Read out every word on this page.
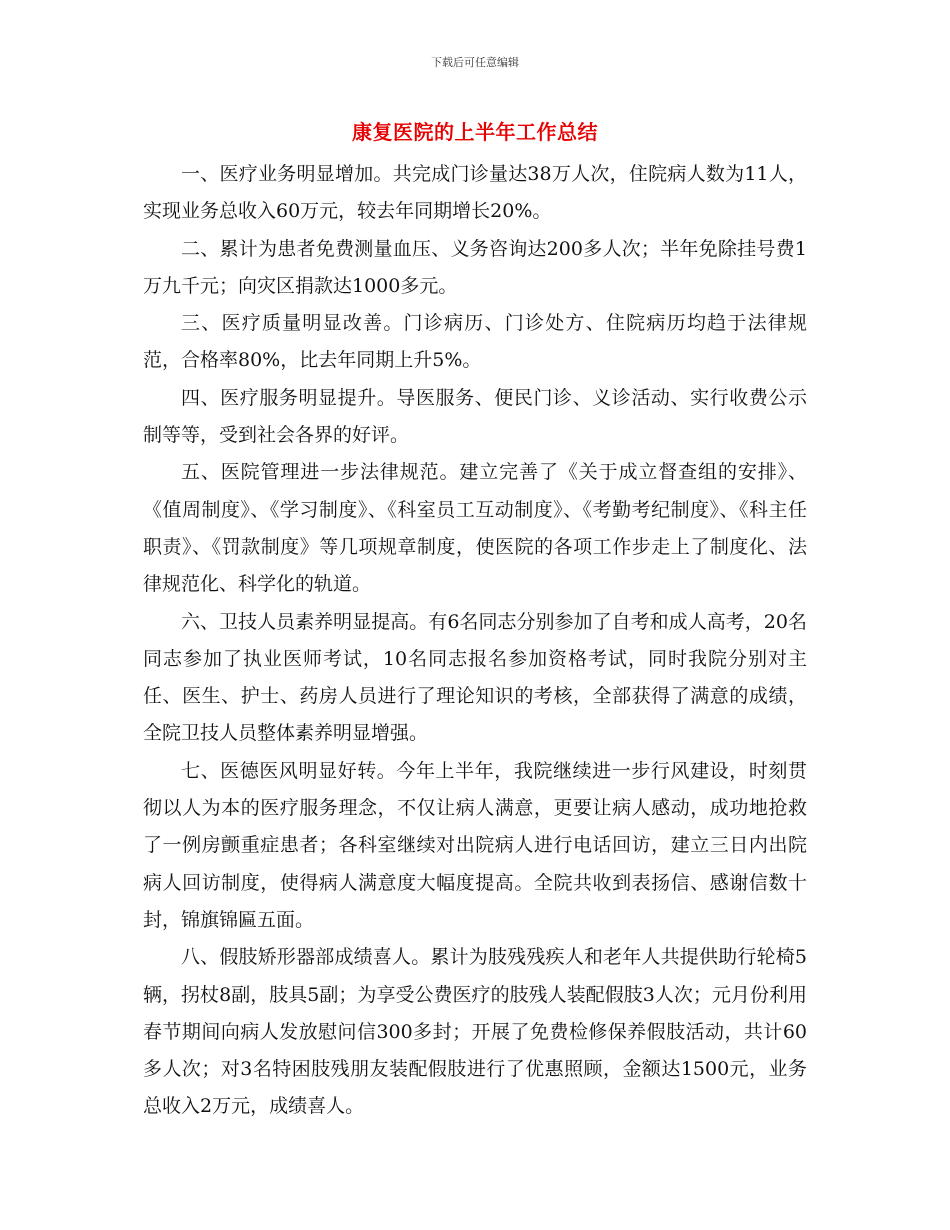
下载后可任意编辑
康复医院的上半年工作总结

一、医疗业务明显增加。共完成门诊量达38万人次，住院病人数为11人，实现业务总收入60万元，较去年同期增长20%。

二、累计为患者免费测量血压、义务咨询达200多人次；半年免除挂号费1万九千元；向灾区捐款达1000多元。

三、医疗质量明显改善。门诊病历、门诊处方、住院病历均趋于法律规范，合格率80%，比去年同期上升5%。

四、医疗服务明显提升。导医服务、便民门诊、义诊活动、实行收费公示制等等，受到社会各界的好评。

五、医院管理进一步法律规范。建立完善了《关于成立督查组的安排》、《值周制度》、《学习制度》、《科室员工互动制度》、《考勤考纪制度》、《科主任职责》、《罚款制度》等几项规章制度，使医院的各项工作步走上了制度化、法律规范化、科学化的轨道。

六、卫技人员素养明显提高。有6名同志分别参加了自考和成人高考，20名同志参加了执业医师考试，10名同志报名参加资格考试，同时我院分别对主任、医生、护士、药房人员进行了理论知识的考核，全部获得了满意的成绩，全院卫技人员整体素养明显增强。

七、医德医风明显好转。今年上半年，我院继续进一步行风建设，时刻贯彻以人为本的医疗服务理念，不仅让病人满意，更要让病人感动，成功地抢救了一例房颤重症患者；各科室继续对出院病人进行电话回访，建立三日内出院病人回访制度，使得病人满意度大幅度提高。全院共收到表扬信、感谢信数十封，锦旗锦匾五面。

八、假肢矫形器部成绩喜人。累计为肢残残疾人和老年人共提供助行轮椅5辆，拐杖8副，肢具5副；为享受公费医疗的肢残人装配假肢3人次；元月份利用春节期间向病人发放慰问信300多封；开展了免费检修保养假肢活动，共计60多人次；对3名特困肢残朋友装配假肢进行了优惠照顾，金额达1500元，业务总收入2万元，成绩喜人。
